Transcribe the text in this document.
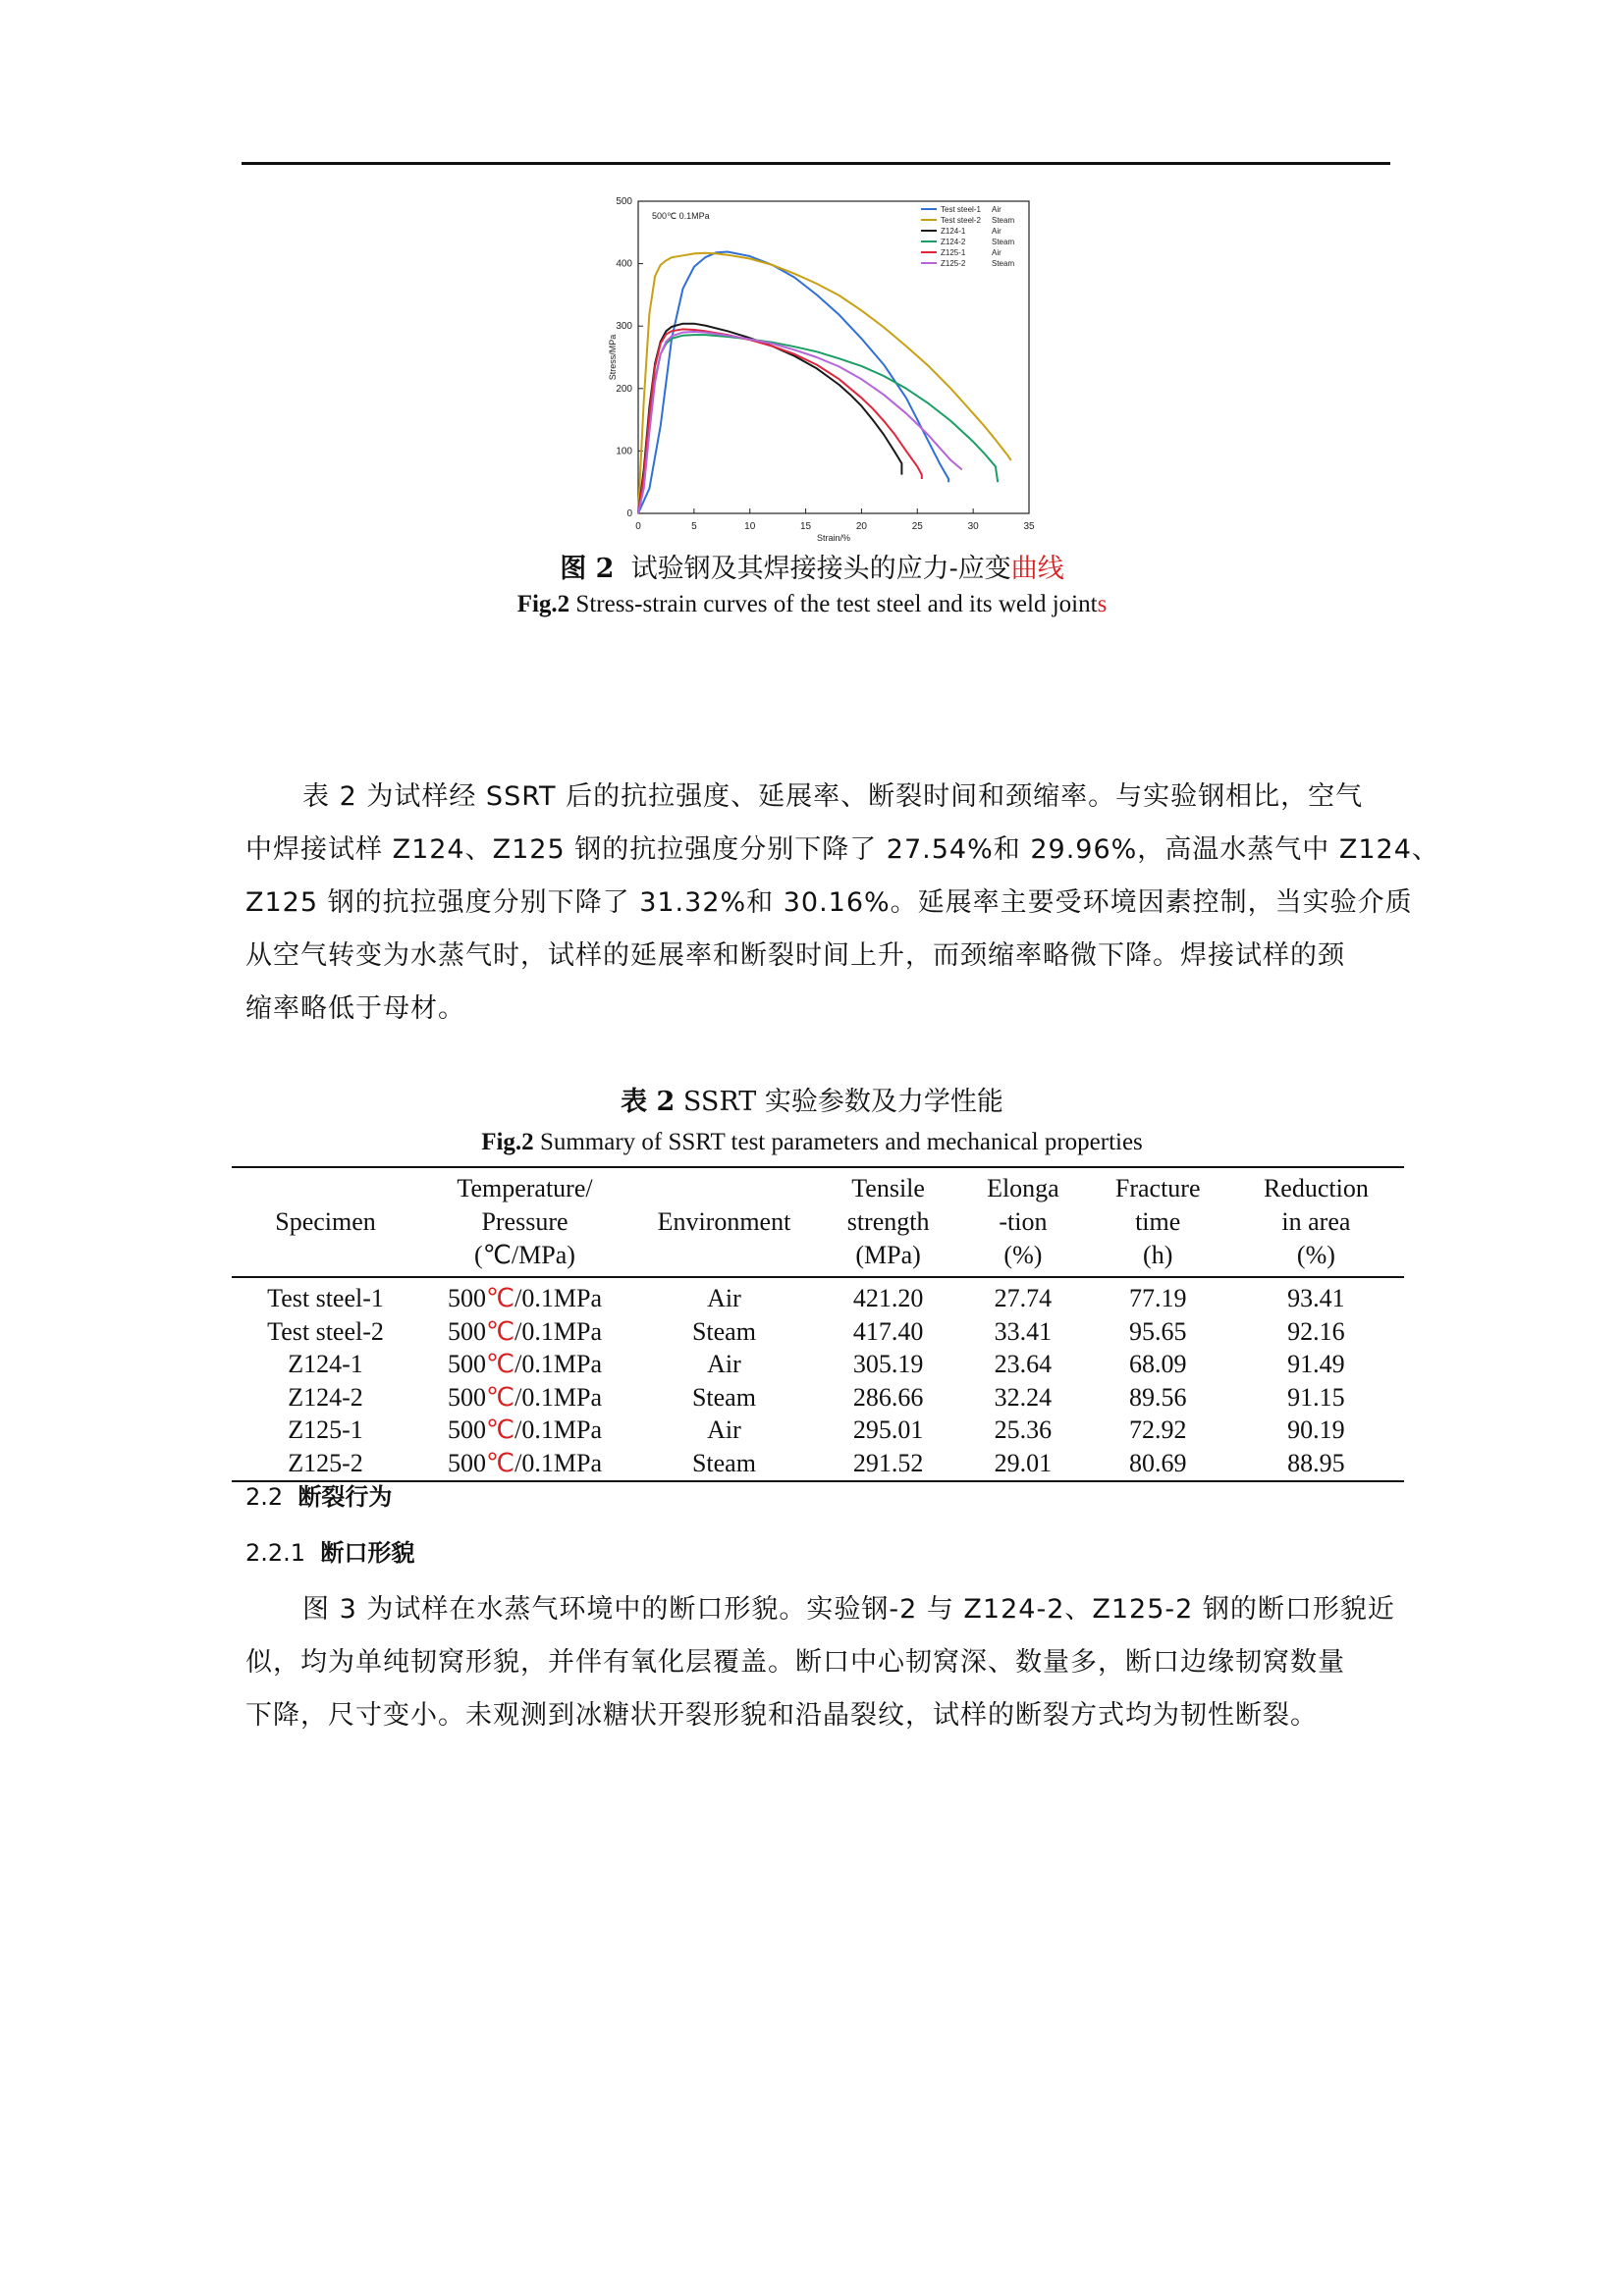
0	5	10	15	20	25	30	35
0
100
200
300
400
500
Strain/%
Stress/MPa
500℃ 0.1MPa
Test steel-1 Air
Test steel-2 Steam
Z124-1	Air
Z124-2	Steam
Z125-1	Air
Z125-2	Steam
图 2 试验钢及其焊接接头的应力-应变曲线
Fig.2 Stress-strain curves of the test steel and its weld joints
表 2 为试样经 SSRT 后的抗拉强度、延展率、断裂时间和颈缩率。与实验钢相比，空气
中焊接试样 Z124、Z125 钢的抗拉强度分别下降了 27.54%和 29.96%，高温水蒸气中 Z124、
Z125 钢的抗拉强度分别下降了 31.32%和 30.16%。延展率主要受环境因素控制，当实验介质
从空气转变为水蒸气时，试样的延展率和断裂时间上升，而颈缩率略微下降。焊接试样的颈
缩率略低于母材。
表 2 SSRT 实验参数及力学性能
Fig.2 Summary of SSRT test parameters and mechanical properties
Specimen	Temperature/
Pressure
(℃/MPa)	Environment	Tensile
strength
(MPa)	Elonga
-tion
(%)	Fracture
time
(h)	Reduction
in area
(%)
Test steel-1	500℃/0.1MPa	Air	421.20	27.74	77.19	93.41
Test steel-2	500℃/0.1MPa	Steam	417.40	33.41	95.65	92.16
Z124-1	500℃/0.1MPa	Air	305.19	23.64	68.09	91.49
Z124-2	500℃/0.1MPa	Steam	286.66	32.24	89.56	91.15
Z125-1	500℃/0.1MPa	Air	295.01	25.36	72.92	90.19
Z125-2	500℃/0.1MPa	Steam	291.52	29.01	80.69	88.95
2.2 断裂行为
2.2.1 断口形貌
图 3 为试样在水蒸气环境中的断口形貌。实验钢-2 与 Z124-2、Z125-2 钢的断口形貌近
似，均为单纯韧窝形貌，并伴有氧化层覆盖。断口中心韧窝深、数量多，断口边缘韧窝数量
下降，尺寸变小。未观测到冰糖状开裂形貌和沿晶裂纹，试样的断裂方式均为韧性断裂。
